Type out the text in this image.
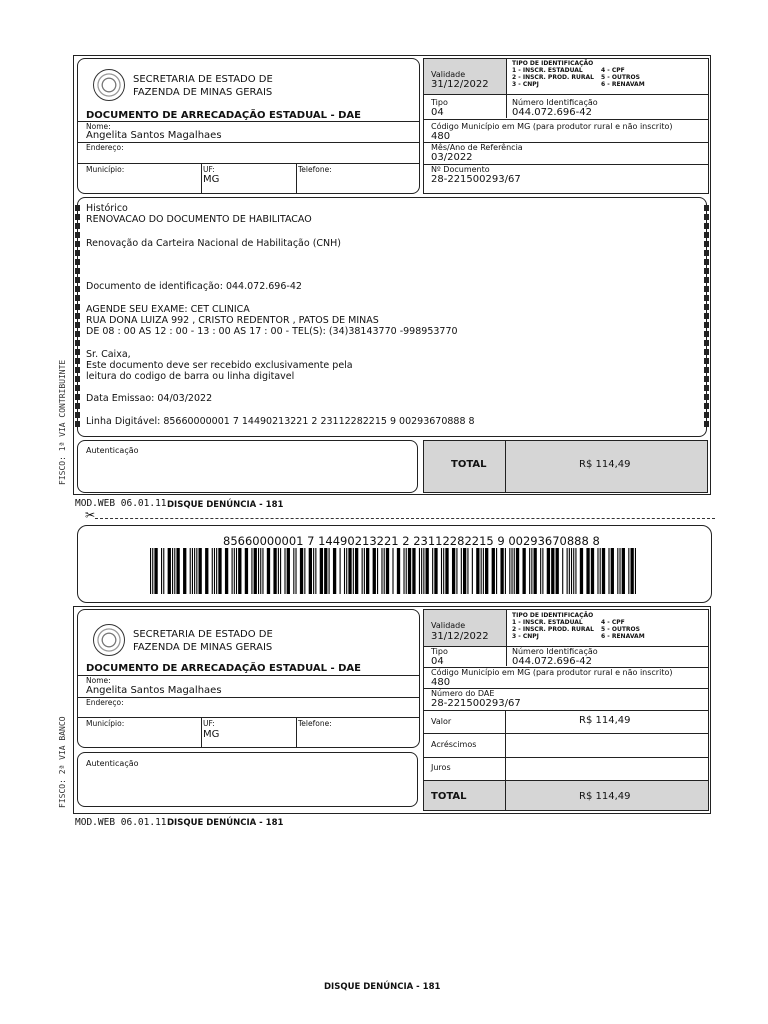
SECRETARIA DE ESTADO DE
FAZENDA DE MINAS GERAIS
DOCUMENTO DE ARRECADAÇÃO ESTADUAL - DAE
Nome:
Angelita Santos Magalhaes
Endereço:
Município:	UF:
MG
Telefone:
Validade
31/12/2022
TIPO DE IDENTIFICAÇÃO
1 - INSCR. ESTADUAL
2 - INSCR. PROD. RURAL
3 - CNPJ
4 - CPF
5 - OUTROS
6 - RENAVAM
Tipo
04
Número Identificação
044.072.696-42
Código Município em MG (para produtor rural e não inscrito)
480
Mês/Ano de Referência
03/2022
Nº Documento
28-221500293/67
Histórico
RENOVACAO DO DOCUMENTO DE HABILITACAO
Renovação da Carteira Nacional de Habilitação (CNH)
Documento de identificação: 044.072.696-42
AGENDE SEU EXAME: CET CLINICA
RUA DONA LUIZA 992 , CRISTO REDENTOR , PATOS DE MINAS
DE 08 : 00 AS 12 : 00 - 13 : 00 AS 17 : 00 - TEL(S): (34)38143770 -998953770
Sr. Caixa,
Este documento deve ser recebido exclusivamente pela
leitura do codigo de barra ou linha digitavel
Data Emissao: 04/03/2022
Linha Digitável: 85660000001 7 14490213221 2 23112282215 9 00293670888 8
Autenticação
TOTAL	R$ 114,49
FISCO: 1ª VIA CONTRIBUINTE
MOD.WEB 06.01.11 DISQUE DENÚNCIA - 181
✂
85660000001 7 14490213221 2 23112282215 9 00293670888 8
SECRETARIA DE ESTADO DE
FAZENDA DE MINAS GERAIS
DOCUMENTO DE ARRECADAÇÃO ESTADUAL - DAE
Nome:
Angelita Santos Magalhaes
Endereço:
Município:	UF:
MG
Telefone:
Autenticação
Validade
31/12/2022
TIPO DE IDENTIFICAÇÃO
1 - INSCR. ESTADUAL
2 - INSCR. PROD. RURAL
3 - CNPJ
4 - CPF
5 - OUTROS
6 - RENAVAM
Tipo
04
Número Identificação
044.072.696-42
Código Município em MG (para produtor rural e não inscrito)
480
Número do DAE
28-221500293/67
Valor	R$ 114,49
Acréscimos
Juros
TOTAL	R$ 114,49
FISCO: 2ª VIA BANCO
MOD.WEB 06.01.11 DISQUE DENÚNCIA - 181
DISQUE DENÚNCIA - 181
